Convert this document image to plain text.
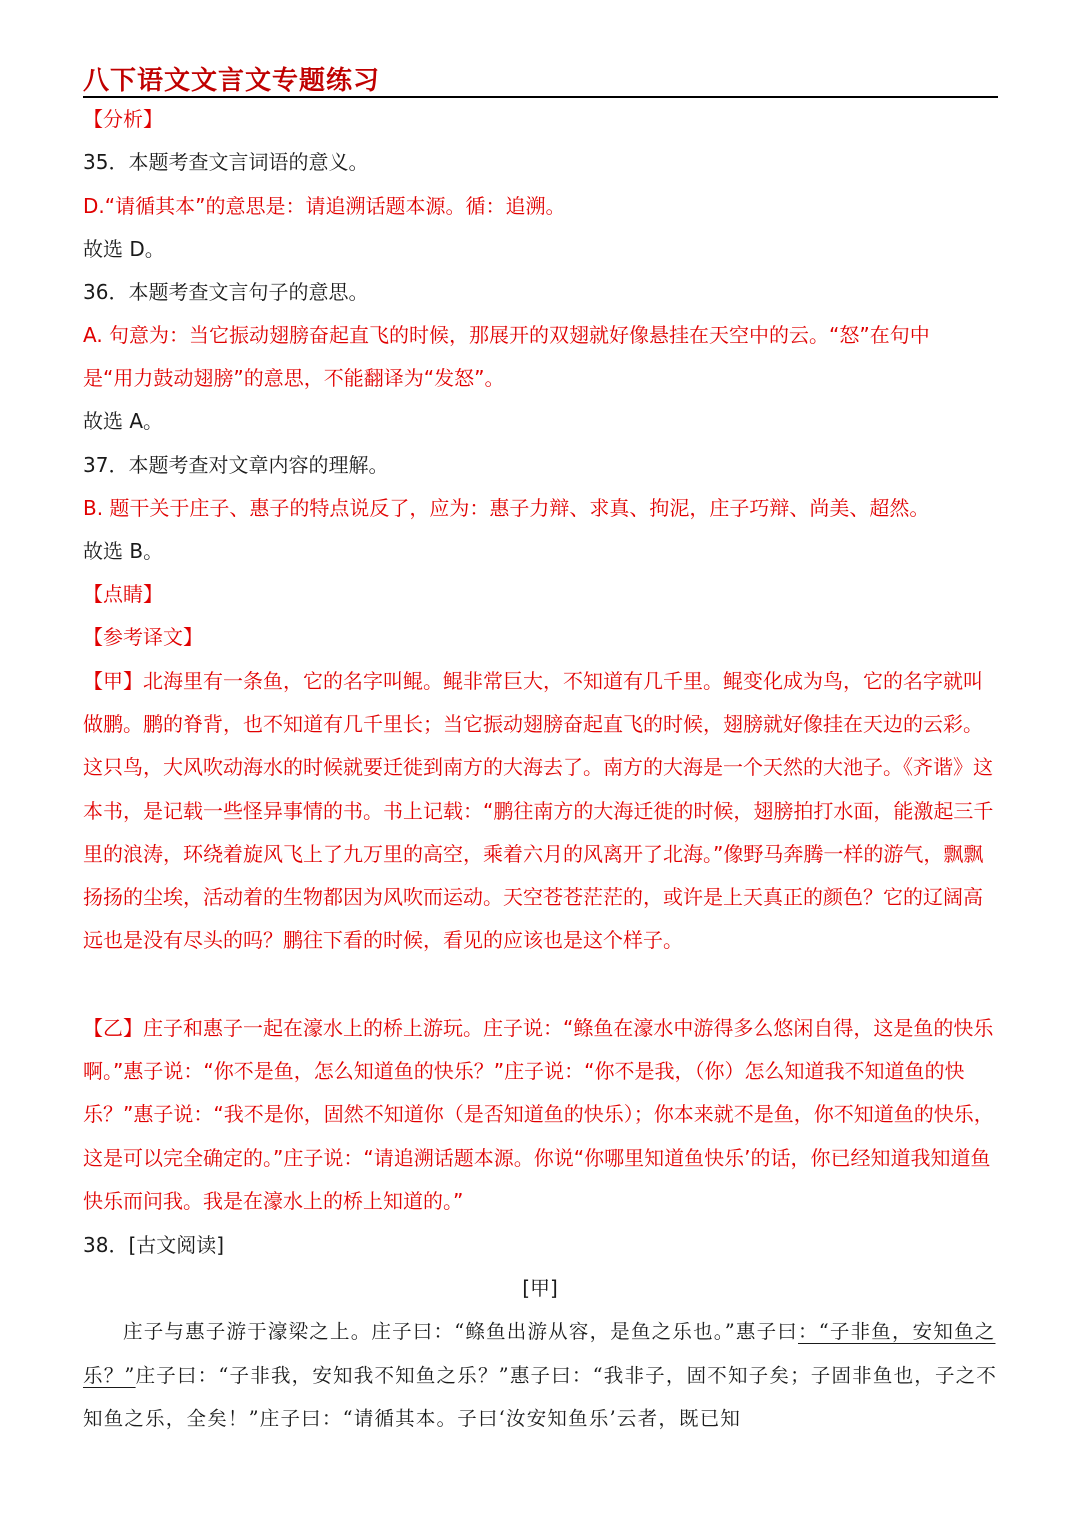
八下语文文言文专题练习
【分析】
35．本题考查文言词语的意义。
D.“请循其本”的意思是：请追溯话题本源。循：追溯。
故选 D。
36．本题考查文言句子的意思。
A. 句意为：当它振动翅膀奋起直飞的时候，那展开的双翅就好像悬挂在天空中的云。“怒”在句中
是“用力鼓动翅膀”的意思，不能翻译为“发怒”。
故选 A。
37．本题考查对文章内容的理解。
B. 题干关于庄子、惠子的特点说反了，应为：惠子力辩、求真、拘泥，庄子巧辩、尚美、超然。
故选 B。
【点睛】
【参考译文】
【甲】北海里有一条鱼，它的名字叫鲲。鲲非常巨大，不知道有几千里。鲲变化成为鸟，它的名字就叫做鹏。鹏的脊背，也不知道有几千里长；当它振动翅膀奋起直飞的时候，翅膀就好像挂在天边的云彩。这只鸟，大风吹动海水的时候就要迁徙到南方的大海去了。南方的大海是一个天然的大池子。《齐谐》这本书，是记载一些怪异事情的书。书上记载：“鹏往南方的大海迁徙的时候，翅膀拍打水面，能激起三千里的浪涛，环绕着旋风飞上了九万里的高空，乘着六月的风离开了北海。”像野马奔腾一样的游气，飘飘扬扬的尘埃，活动着的生物都因为风吹而运动。天空苍苍茫茫的，或许是上天真正的颜色？它的辽阔高远也是没有尽头的吗？鹏往下看的时候，看见的应该也是这个样子。
【乙】庄子和惠子一起在濠水上的桥上游玩。庄子说：“鲦鱼在濠水中游得多么悠闲自得，这是鱼的快乐啊。”惠子说：“你不是鱼，怎么知道鱼的快乐？”庄子说：“你不是我，（你）怎么知道我不知道鱼的快乐？”惠子说：“我不是你，固然不知道你（是否知道鱼的快乐）；你本来就不是鱼，你不知道鱼的快乐，这是可以完全确定的。”庄子说：“请追溯话题本源。你说“你哪里知道鱼快乐’的话，你已经知道我知道鱼快乐而问我。我是在濠水上的桥上知道的。”
38．[古文阅读]
[甲]
庄子与惠子游于濠梁之上。庄子曰：“鲦鱼出游从容，是鱼之乐也。”惠子曰：“子非鱼，安知鱼之乐？”庄子曰：“子非我，安知我不知鱼之乐？”惠子曰：“我非子，固不知子矣；子固非鱼也，子之不知鱼之乐，全矣！”庄子曰：“请循其本。子曰‘汝安知鱼乐’云者，既已知
